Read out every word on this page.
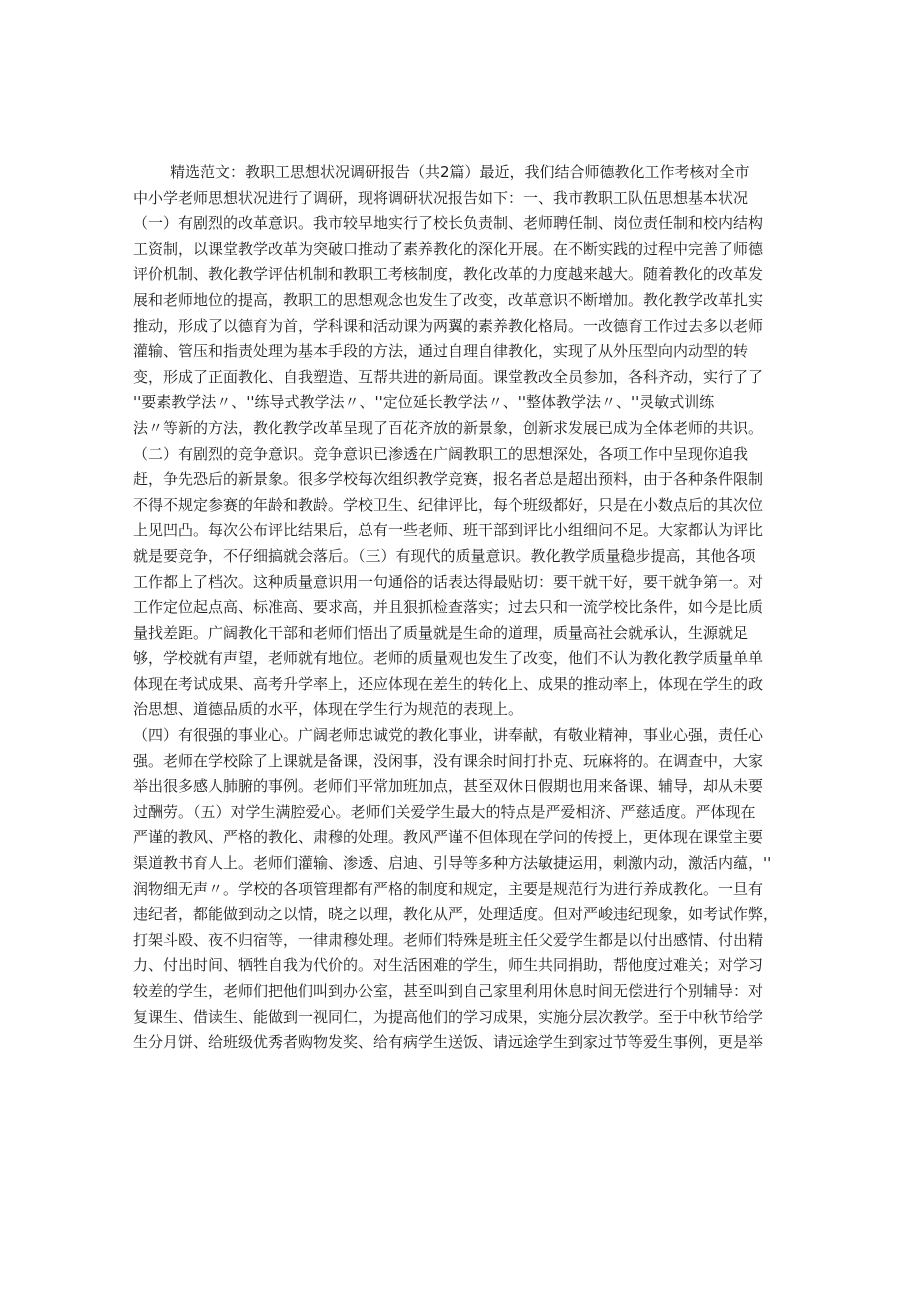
精选范文：教职工思想状况调研报告（共2篇）最近，我们结合师德教化工作考核对全市
中小学老师思想状况进行了调研，现将调研状况报告如下：一、我市教职工队伍思想基本状况
（一）有剧烈的改革意识。我市较早地实行了校长负责制、老师聘任制、岗位责任制和校内结构
工资制，以课堂教学改革为突破口推动了素养教化的深化开展。在不断实践的过程中完善了师德
评价机制、教化教学评估机制和教职工考核制度，教化改革的力度越来越大。随着教化的改革发
展和老师地位的提高，教职工的思想观念也发生了改变，改革意识不断增加。教化教学改革扎实
推动，形成了以德育为首，学科课和活动课为两翼的素养教化格局。一改德育工作过去多以老师
灌输、管压和指责处理为基本手段的方法，通过自理自律教化，实现了从外压型向内动型的转
变，形成了正面教化、自我塑造、互帮共进的新局面。课堂教改全员参加，各科齐动，实行了了
''要素教学法〃、''练导式教学法〃、''定位延长教学法〃、''整体教学法〃、''灵敏式训练
法〃等新的方法，教化教学改革呈现了百花齐放的新景象，创新求发展已成为全体老师的共识。
（二）有剧烈的竞争意识。竞争意识已渗透在广阔教职工的思想深处，各项工作中呈现你追我
赶，争先恐后的新景象。很多学校每次组织教学竞赛，报名者总是超出预料，由于各种条件限制
不得不规定参赛的年龄和教龄。学校卫生、纪律评比，每个班级都好，只是在小数点后的其次位
上见凹凸。每次公布评比结果后，总有一些老师、班干部到评比小组细问不足。大家都认为评比
就是要竞争，不仔细搞就会落后。（三）有现代的质量意识。教化教学质量稳步提高，其他各项
工作都上了档次。这种质量意识用一句通俗的话表达得最贴切：要干就干好，要干就争第一。对
工作定位起点高、标准高、要求高，并且狠抓检查落实；过去只和一流学校比条件，如今是比质
量找差距。广阔教化干部和老师们悟出了质量就是生命的道理，质量高社会就承认，生源就足
够，学校就有声望，老师就有地位。老师的质量观也发生了改变，他们不认为教化教学质量单单
体现在考试成果、高考升学率上，还应体现在差生的转化上、成果的推动率上，体现在学生的政
治思想、道德品质的水平，体现在学生行为规范的表现上。
（四）有很强的事业心。广阔老师忠诚党的教化事业，讲奉献，有敬业精神，事业心强，责任心
强。老师在学校除了上课就是备课，没闲事，没有课余时间打扑克、玩麻将的。在调查中，大家
举出很多感人肺腑的事例。老师们平常加班加点，甚至双休日假期也用来备课、辅导，却从未要
过酬劳。（五）对学生满腔爱心。老师们关爱学生最大的特点是严爱相济、严慈适度。严体现在
严谨的教风、严格的教化、肃穆的处理。教风严谨不但体现在学问的传授上，更体现在课堂主要
渠道教书育人上。老师们灌输、渗透、启迪、引导等多种方法敏捷运用，刺激内动，激活内蕴，''
润物细无声〃。学校的各项管理都有严格的制度和规定，主要是规范行为进行养成教化。一旦有
违纪者，都能做到动之以情，晓之以理，教化从严，处理适度。但对严峻违纪现象，如考试作弊，
打架斗殴、夜不归宿等，一律肃穆处理。老师们特殊是班主任父爱学生都是以付出感情、付出精
力、付出时间、牺牲自我为代价的。对生活困难的学生，师生共同捐助，帮他度过难关；对学习
较差的学生，老师们把他们叫到办公室，甚至叫到自己家里利用休息时间无偿进行个别辅导：对
复课生、借读生、能做到一视同仁，为提高他们的学习成果，实施分层次教学。至于中秋节给学
生分月饼、给班级优秀者购物发奖、给有病学生送饭、请远途学生到家过节等爱生事例，更是举
